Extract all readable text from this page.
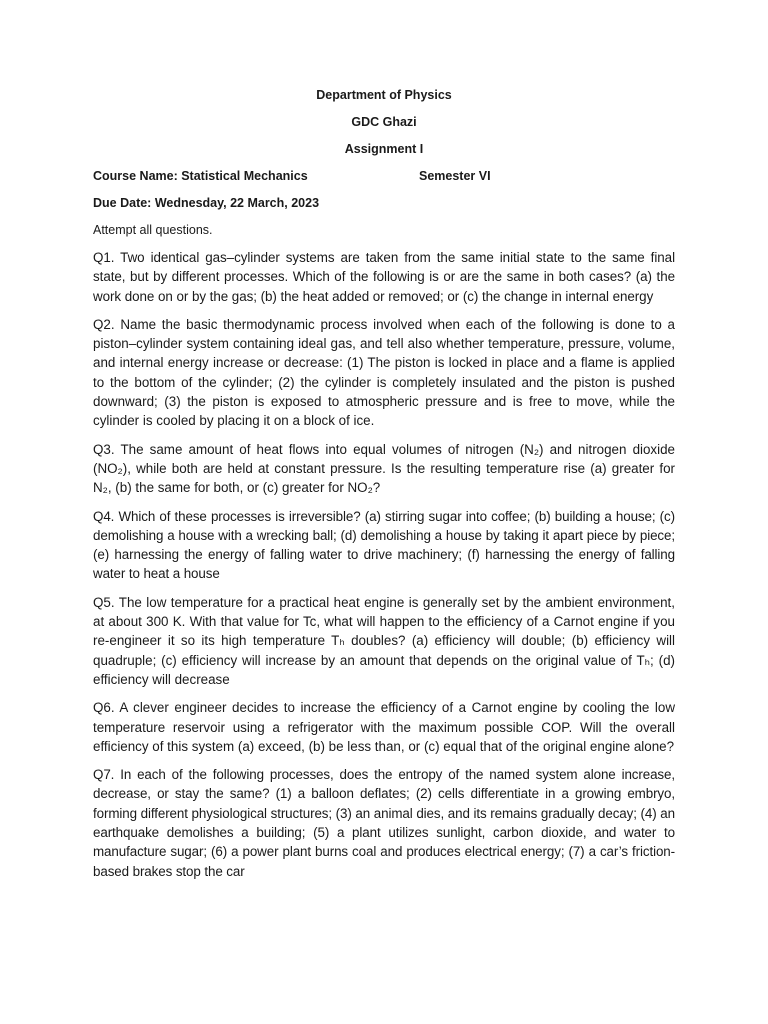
Department of Physics
GDC Ghazi
Assignment I
Course Name: Statistical Mechanics	Semester VI
Due Date: Wednesday, 22 March, 2023
Attempt all questions.

Q1. Two identical gas–cylinder systems are taken from the same initial state to the same final state, but by different processes. Which of the following is or are the same in both cases? (a) the work done on or by the gas; (b) the heat added or removed; or (c) the change in internal energy

Q2. Name the basic thermodynamic process involved when each of the following is done to a piston–cylinder system containing ideal gas, and tell also whether temperature, pressure, volume, and internal energy increase or decrease: (1) The piston is locked in place and a flame is applied to the bottom of the cylinder; (2) the cylinder is completely insulated and the piston is pushed downward; (3) the piston is exposed to atmospheric pressure and is free to move, while the cylinder is cooled by placing it on a block of ice.

Q3. The same amount of heat flows into equal volumes of nitrogen (N₂) and nitrogen dioxide (NO₂), while both are held at constant pressure. Is the resulting temperature rise (a) greater for N₂, (b) the same for both, or (c) greater for NO₂?

Q4. Which of these processes is irreversible? (a) stirring sugar into coffee; (b) building a house; (c) demolishing a house with a wrecking ball; (d) demolishing a house by taking it apart piece by piece; (e) harnessing the energy of falling water to drive machinery; (f) harnessing the energy of falling water to heat a house

Q5. The low temperature for a practical heat engine is generally set by the ambient environment, at about 300 K. With that value for Tc, what will happen to the efficiency of a Carnot engine if you re-engineer it so its high temperature Tₕ doubles? (a) efficiency will double; (b) efficiency will quadruple; (c) efficiency will increase by an amount that depends on the original value of Tₕ; (d) efficiency will decrease

Q6. A clever engineer decides to increase the efficiency of a Carnot engine by cooling the low temperature reservoir using a refrigerator with the maximum possible COP. Will the overall efficiency of this system (a) exceed, (b) be less than, or (c) equal that of the original engine alone?

Q7. In each of the following processes, does the entropy of the named system alone increase, decrease, or stay the same? (1) a balloon deflates; (2) cells differentiate in a growing embryo, forming different physiological structures; (3) an animal dies, and its remains gradually decay; (4) an earthquake demolishes a building; (5) a plant utilizes sunlight, carbon dioxide, and water to manufacture sugar; (6) a power plant burns coal and produces electrical energy; (7) a car’s friction-based brakes stop the car
